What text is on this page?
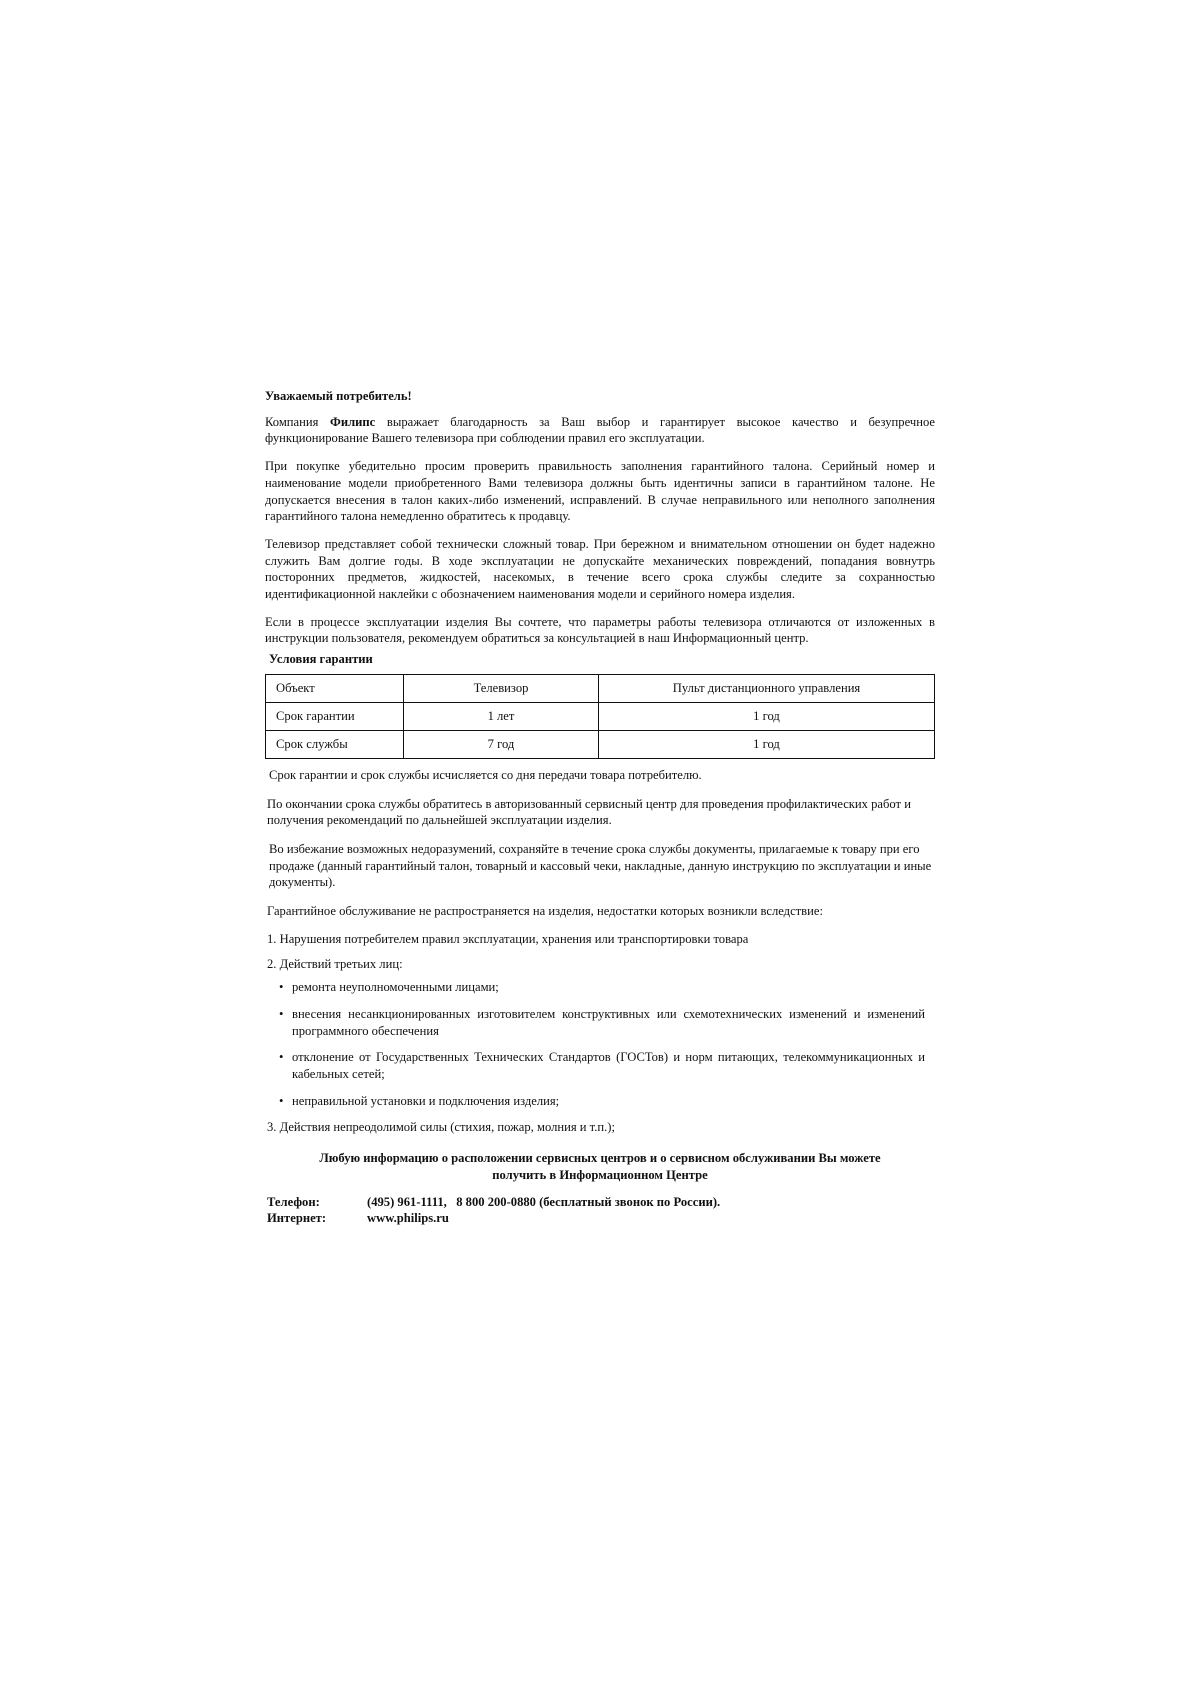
Уважаемый потребитель!

Компания Филипс выражает благодарность за Ваш выбор и гарантирует высокое качество и безупречное функционирование Вашего телевизора при соблюдении правил его эксплуатации.

При покупке убедительно просим проверить правильность заполнения гарантийного талона. Серийный номер и наименование модели приобретенного Вами телевизора должны быть идентичны записи в гарантийном талоне. Не допускается внесения в талон каких-либо изменений, исправлений. В случае неправильного или неполного заполнения гарантийного талона немедленно обратитесь к продавцу.

Телевизор представляет собой технически сложный товар. При бережном и внимательном отношении он будет надежно служить Вам долгие годы. В ходе эксплуатации не допускайте механических повреждений, попадания вовнутрь посторонних предметов, жидкостей, насекомых, в течение всего срока службы следите за сохранностью идентификационной наклейки с обозначением наименования модели и серийного номера изделия.

Если в процессе эксплуатации изделия Вы сочтете, что параметры работы телевизора отличаются от изложенных в инструкции пользователя, рекомендуем обратиться за консультацией в наш Информационный центр.

Условия гарантии
Объект	Телевизор	Пульт дистанционного управления
Срок гарантии	1 лет	1 год
Срок службы	7 год	1 год

Срок гарантии и срок службы исчисляется со дня передачи товара потребителю.

По окончании срока службы обратитесь в авторизованный сервисный центр для проведения профилактических работ и получения рекомендаций по дальнейшей эксплуатации изделия.

Во избежание возможных недоразумений, сохраняйте в течение срока службы документы, прилагаемые к товару при его продаже (данный гарантийный талон, товарный и кассовый чеки, накладные, данную инструкцию по эксплуатации и иные документы).

Гарантийное обслуживание не распространяется на изделия, недостатки которых возникли вследствие:

1. Нарушения потребителем правил эксплуатации, хранения или транспортировки товара
2. Действий третьих лиц:
• ремонта неуполномоченными лицами;
• внесения несанкционированных изготовителем конструктивных или схемотехнических изменений и изменений программного обеспечения
• отклонение от Государственных Технических Стандартов (ГОСТов) и норм питающих, телекоммуникационных и кабельных сетей;
• неправильной установки и подключения изделия;
3. Действия непреодолимой силы (стихия, пожар, молния и т.п.);
Любую информацию о расположении сервисных центров и о сервисном обслуживании Вы можете
получить в Информационном Центре
Телефон:	(495) 961-1111,   8 800 200-0880 (бесплатный звонок по России).
Интернет:	www.philips.ru
